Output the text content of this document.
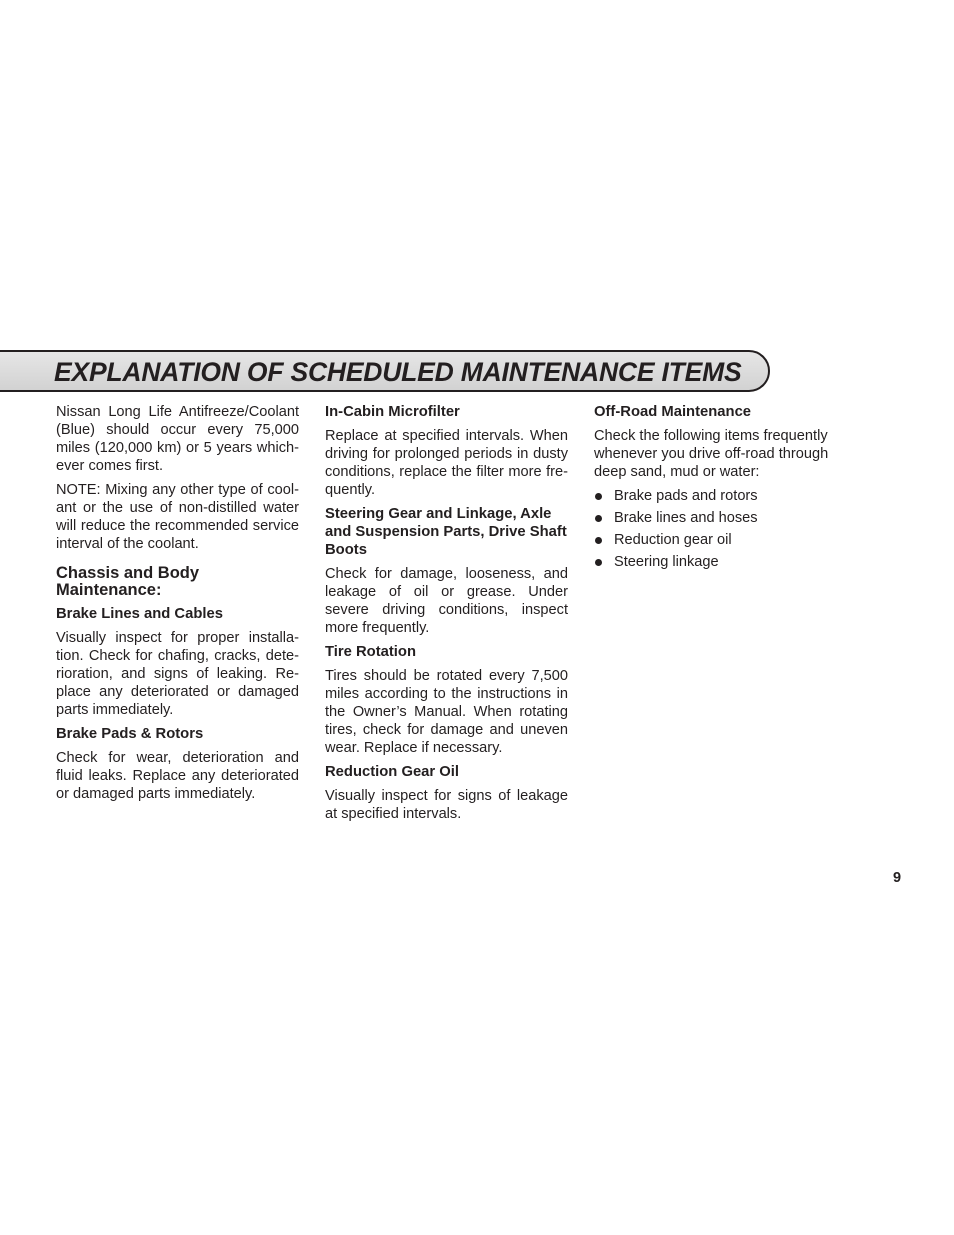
EXPLANATION OF SCHEDULED MAINTENANCE ITEMS

Nissan Long Life Antifreeze/Coolant (Blue) should occur every 75,000 miles (120,000 km) or 5 years whichever comes first.

NOTE: Mixing any other type of coolant or the use of non-distilled water will reduce the recommended service interval of the coolant.

Chassis and Body Maintenance:
Brake Lines and Cables

Visually inspect for proper installation. Check for chafing, cracks, deterioration, and signs of leaking. Replace any deteriorated or damaged parts immediately.

Brake Pads & Rotors

Check for wear, deterioration and fluid leaks. Replace any deteriorated or damaged parts immediately.

In-Cabin Microfilter

Replace at specified intervals. When driving for prolonged periods in dusty conditions, replace the filter more frequently.

Steering Gear and Linkage, Axle and Suspension Parts, Drive Shaft Boots

Check for damage, looseness, and leakage of oil or grease. Under severe driving conditions, inspect more frequently.

Tire Rotation

Tires should be rotated every 7,500 miles according to the instructions in the Owner’s Manual. When rotating tires, check for damage and uneven wear. Replace if necessary.

Reduction Gear Oil

Visually inspect for signs of leakage at specified intervals.

Off-Road Maintenance

Check the following items frequently whenever you drive off-road through deep sand, mud or water:

Brake pads and rotors
Brake lines and hoses
Reduction gear oil
Steering linkage
9
